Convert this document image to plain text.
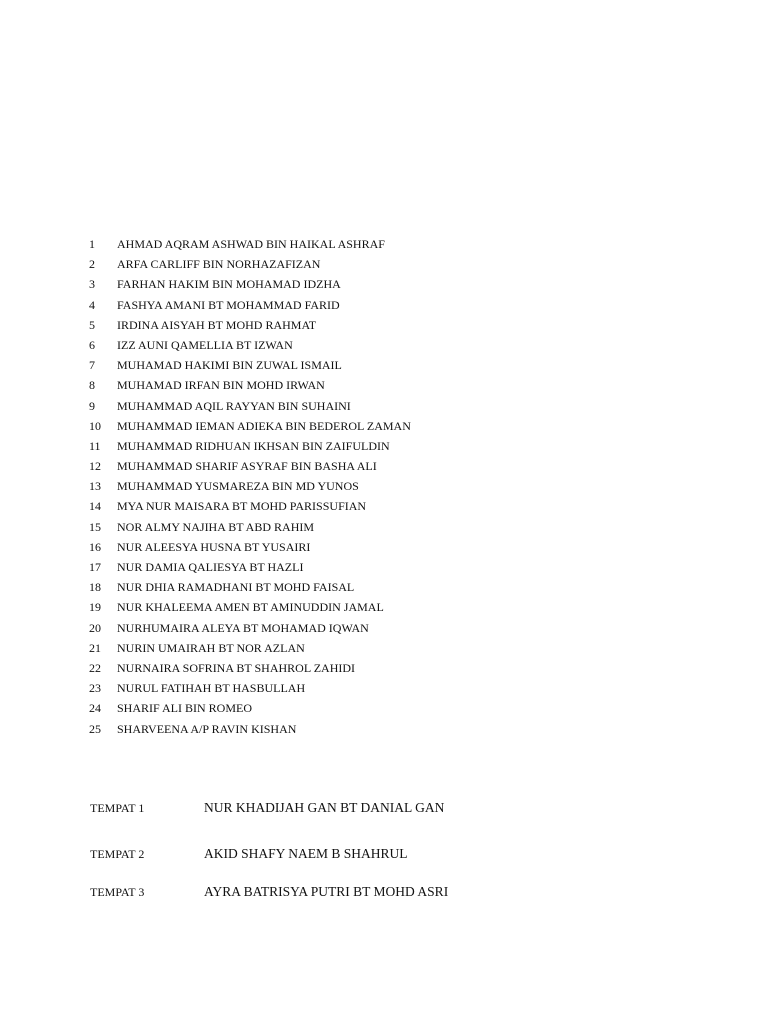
1	AHMAD AQRAM ASHWAD BIN HAIKAL ASHRAF
2	ARFA CARLIFF BIN NORHAZAFIZAN
3	FARHAN HAKIM BIN MOHAMAD IDZHA
4	FASHYA AMANI BT MOHAMMAD FARID
5	IRDINA AISYAH BT MOHD RAHMAT
6	IZZ AUNI QAMELLIA BT IZWAN
7	MUHAMAD HAKIMI BIN ZUWAL ISMAIL
8	MUHAMAD IRFAN BIN MOHD IRWAN
9	MUHAMMAD AQIL RAYYAN BIN SUHAINI
10	MUHAMMAD IEMAN ADIEKA BIN BEDEROL ZAMAN
11	MUHAMMAD RIDHUAN IKHSAN BIN ZAIFULDIN
12	MUHAMMAD SHARIF ASYRAF BIN BASHA ALI
13	MUHAMMAD YUSMAREZA BIN MD YUNOS
14	MYA NUR MAISARA BT MOHD PARISSUFIAN
15	NOR ALMY NAJIHA BT ABD RAHIM
16	NUR ALEESYA HUSNA BT YUSAIRI
17	NUR DAMIA QALIESYA BT HAZLI
18	NUR DHIA RAMADHANI BT MOHD FAISAL
19	NUR KHALEEMA AMEN BT AMINUDDIN JAMAL
20	NURHUMAIRA ALEYA BT MOHAMAD IQWAN
21	NURIN UMAIRAH BT NOR AZLAN
22	NURNAIRA SOFRINA BT SHAHROL ZAHIDI
23	NURUL FATIHAH BT HASBULLAH
24	SHARIF ALI BIN ROMEO
25	SHARVEENA A/P RAVIN KISHAN
TEMPAT 1	NUR KHADIJAH GAN BT DANIAL GAN
TEMPAT 2	AKID SHAFY NAEM B SHAHRUL
TEMPAT 3	AYRA BATRISYA PUTRI BT MOHD ASRI
